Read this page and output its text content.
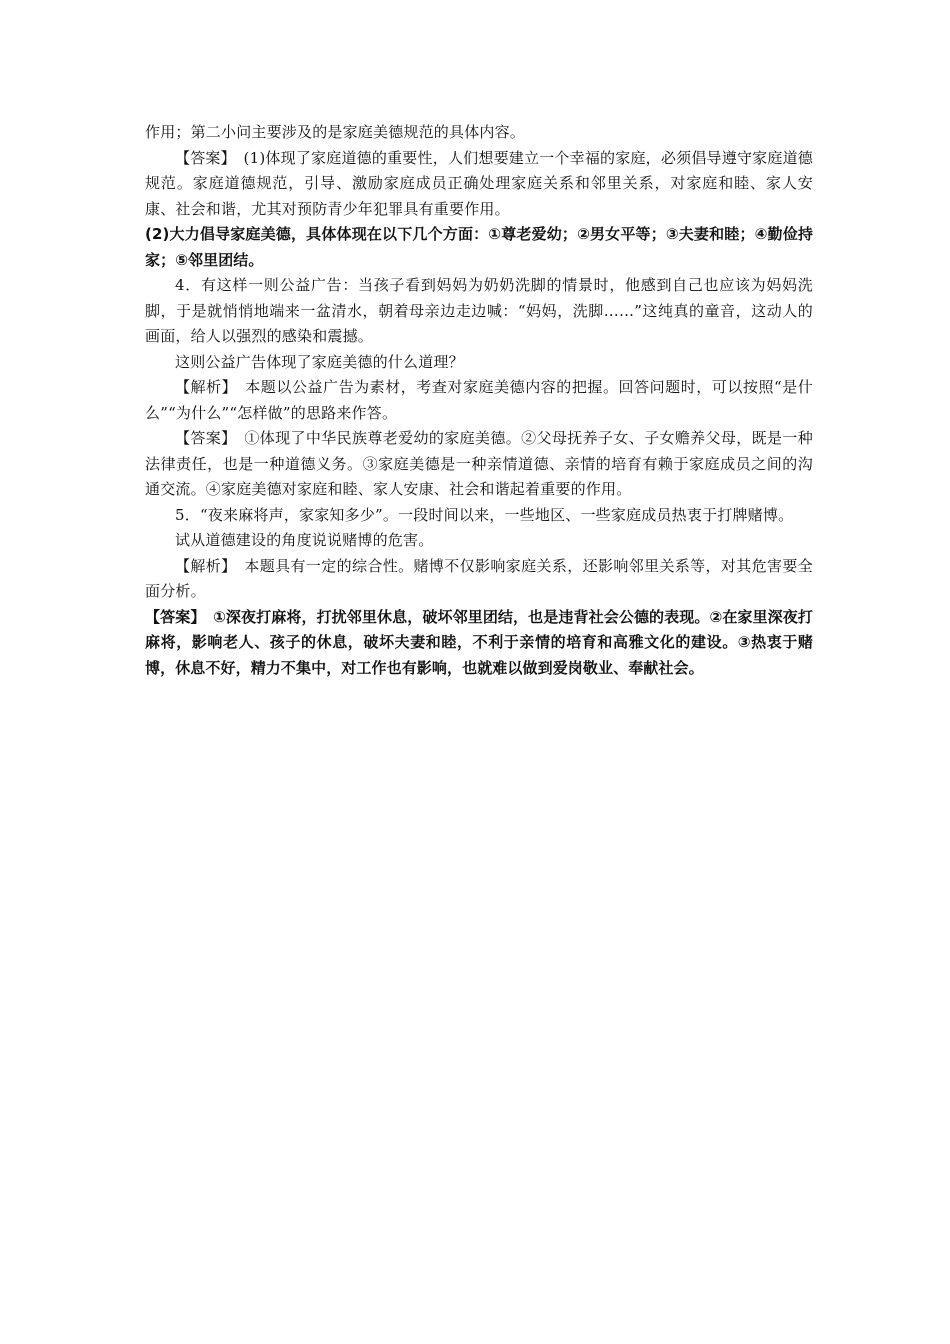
作用；第二小问主要涉及的是家庭美德规范的具体内容。

【答案】　(1)体现了家庭道德的重要性，人们想要建立一个幸福的家庭，必须倡导遵守家庭道德规范。家庭道德规范，引导、激励家庭成员正确处理家庭关系和邻里关系，对家庭和睦、家人安康、社会和谐，尤其对预防青少年犯罪具有重要作用。

(2)大力倡导家庭美德，具体体现在以下几个方面：①尊老爱幼；②男女平等；③夫妻和睦；④勤俭持家；⑤邻里团结。

4．有这样一则公益广告：当孩子看到妈妈为奶奶洗脚的情景时，他感到自己也应该为妈妈洗脚，于是就悄悄地端来一盆清水，朝着母亲边走边喊：“妈妈，洗脚……”这纯真的童音，这动人的画面，给人以强烈的感染和震撼。

这则公益广告体现了家庭美德的什么道理？

【解析】　本题以公益广告为素材，考查对家庭美德内容的把握。回答问题时，可以按照“是什么”“为什么”“怎样做”的思路来作答。

【答案】　①体现了中华民族尊老爱幼的家庭美德。②父母抚养子女、子女赡养父母，既是一种法律责任，也是一种道德义务。③家庭美德是一种亲情道德、亲情的培育有赖于家庭成员之间的沟通交流。④家庭美德对家庭和睦、家人安康、社会和谐起着重要的作用。

5．“夜来麻将声，家家知多少”。一段时间以来，一些地区、一些家庭成员热衷于打牌赌博。

试从道德建设的角度说说赌博的危害。

【解析】　本题具有一定的综合性。赌博不仅影响家庭关系，还影响邻里关系等，对其危害要全面分析。

【答案】　①深夜打麻将，打扰邻里休息，破坏邻里团结，也是违背社会公德的表现。②在家里深夜打麻将，影响老人、孩子的休息，破坏夫妻和睦，不利于亲情的培育和高雅文化的建设。③热衷于赌博，休息不好，精力不集中，对工作也有影响，也就难以做到爱岗敬业、奉献社会。
